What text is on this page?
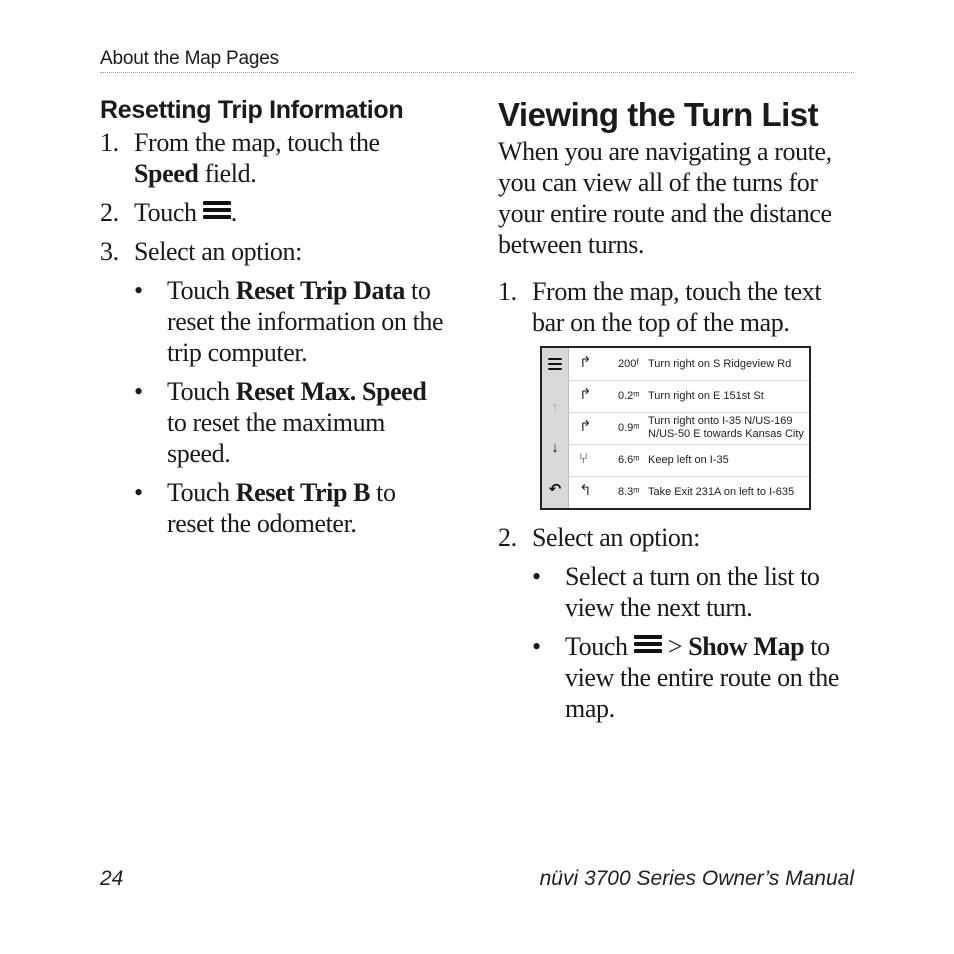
About the Map Pages
Resetting Trip Information
1. From the map, touch the Speed field.
2. Touch
.
3. Select an option:
• Touch Reset Trip Data to reset the information on the trip computer.
• Touch Reset Max. Speed to reset the maximum speed.
• Touch Reset Trip B to reset the odometer.
Viewing the Turn List
When you are navigating a route, you can view all of the turns for your entire route and the distance between turns.
1. From the map, touch the text bar on the top of the map.
2. Select an option:
• Select a turn on the list to view the next turn.
• Touch
> Show Map to view the entire route on the map.
↑
↓
↶
↱ 200ᶠ Turn right on S Ridgeview Rd
↱ 0.2ᵐ Turn right on E 151st St
↱ 0.9ᵐ
Turn right onto I-35 N/US-169 N/US-50 E towards Kansas City
⑂	6.6ᵐ Keep left on I-35
↰ 8.3ᵐ Take Exit 231A on left to I-635
24	nüvi 3700 Series Owner’s Manual
